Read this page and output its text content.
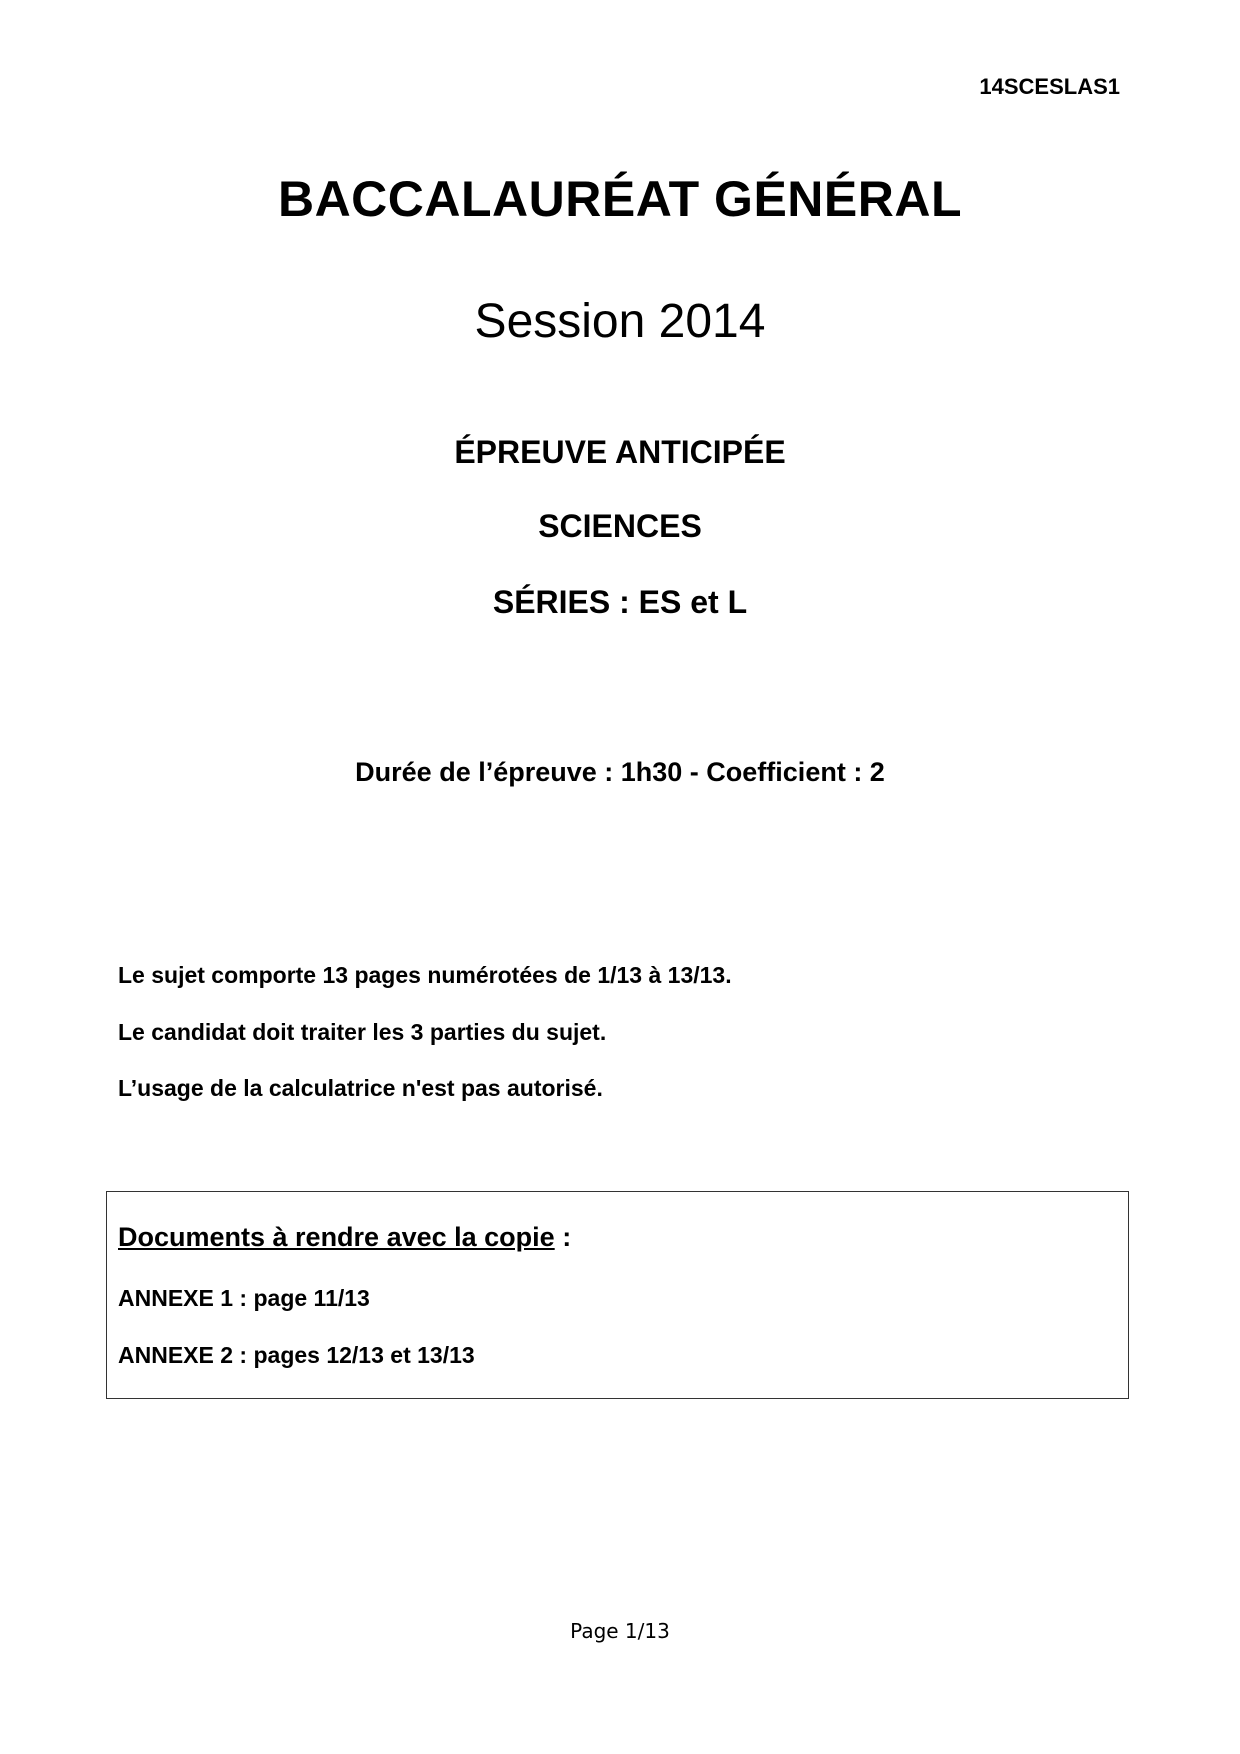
14SCESLAS1
BACCALAURÉAT GÉNÉRAL
Session 2014
ÉPREUVE ANTICIPÉE
SCIENCES
SÉRIES : ES et L
Durée de l’épreuve : 1h30 - Coefficient : 2
Le sujet comporte 13 pages numérotées de 1/13 à 13/13.
Le candidat doit traiter les 3 parties du sujet.
L’usage de la calculatrice n'est pas autorisé.
Documents à rendre avec la copie :
ANNEXE 1 : page 11/13
ANNEXE 2 : pages 12/13 et 13/13
Page 1/13
